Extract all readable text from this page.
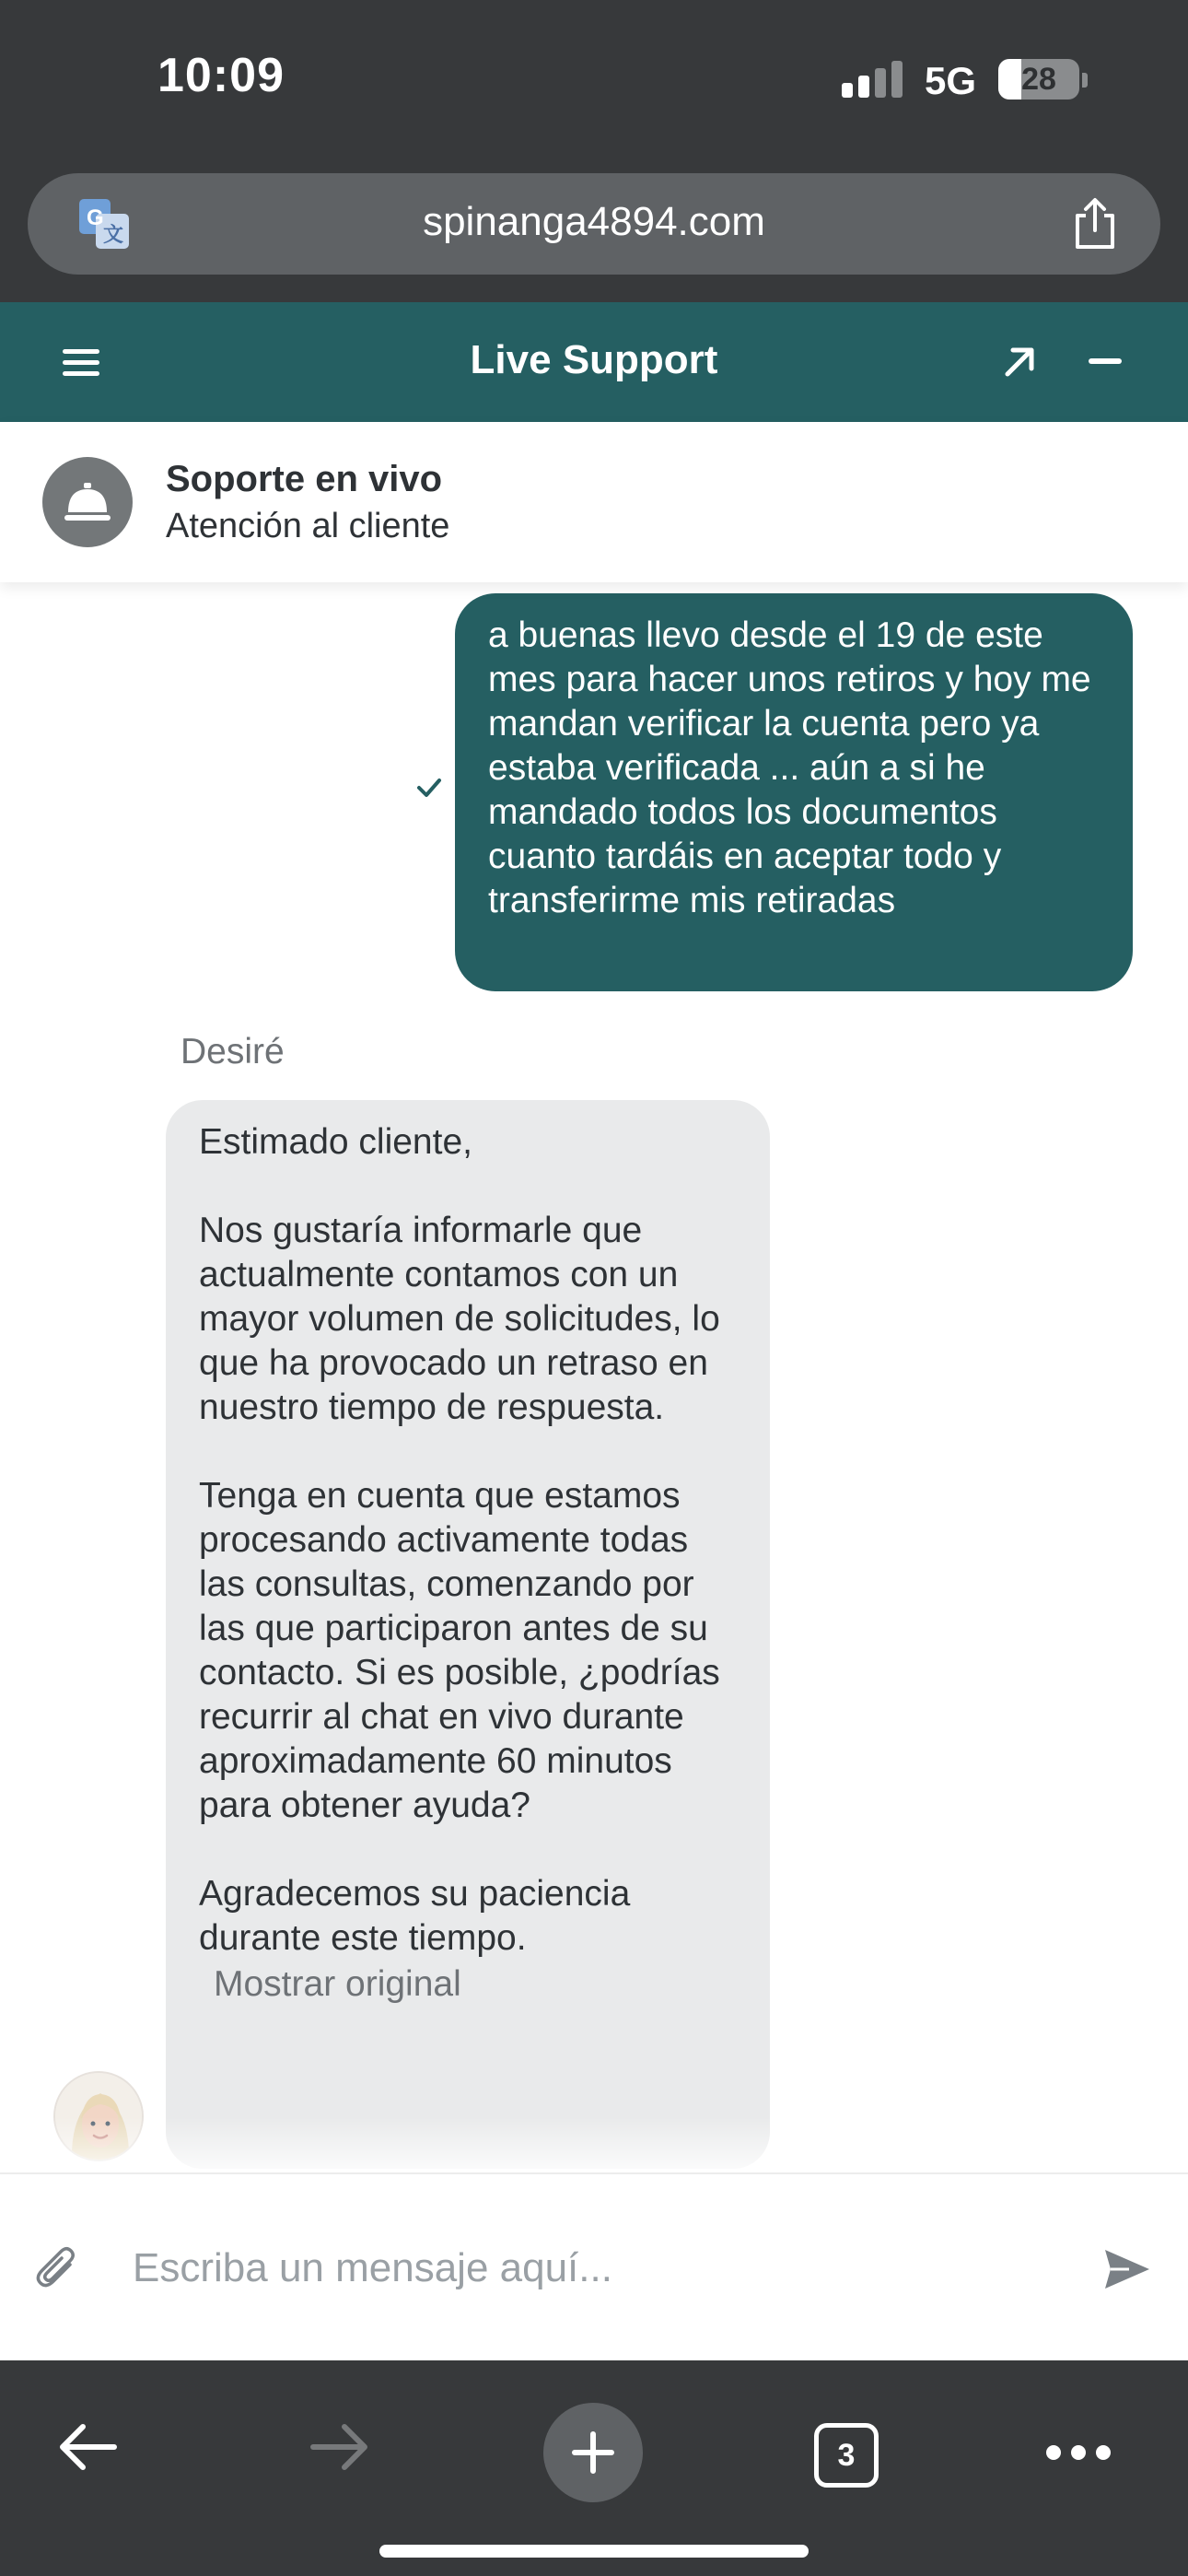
10:09	5G	28
G
文	spinanga4894.com
Live Support
Soporte en vivo
Atención al cliente

a buenas llevo desde el 19 de este mes para hacer unos retiros y hoy me mandan verificar la cuenta pero ya estaba verificada ... aún a si he mandado todos los documentos cuanto tardáis en aceptar todo y transferirme mis retiradas

Desiré

Estimado cliente,

Nos gustaría informarle que actualmente contamos con un mayor volumen de solicitudes, lo que ha provocado un retraso en nuestro tiempo de respuesta.

Tenga en cuenta que estamos procesando activamente todas las consultas, comenzando por las que participaron antes de su contacto. Si es posible, ¿podrías recurrir al chat en vivo durante aproximadamente 60 minutos para obtener ayuda?

Agradecemos su paciencia durante este tiempo.

Mostrar original
Escriba un mensaje aquí...
3
